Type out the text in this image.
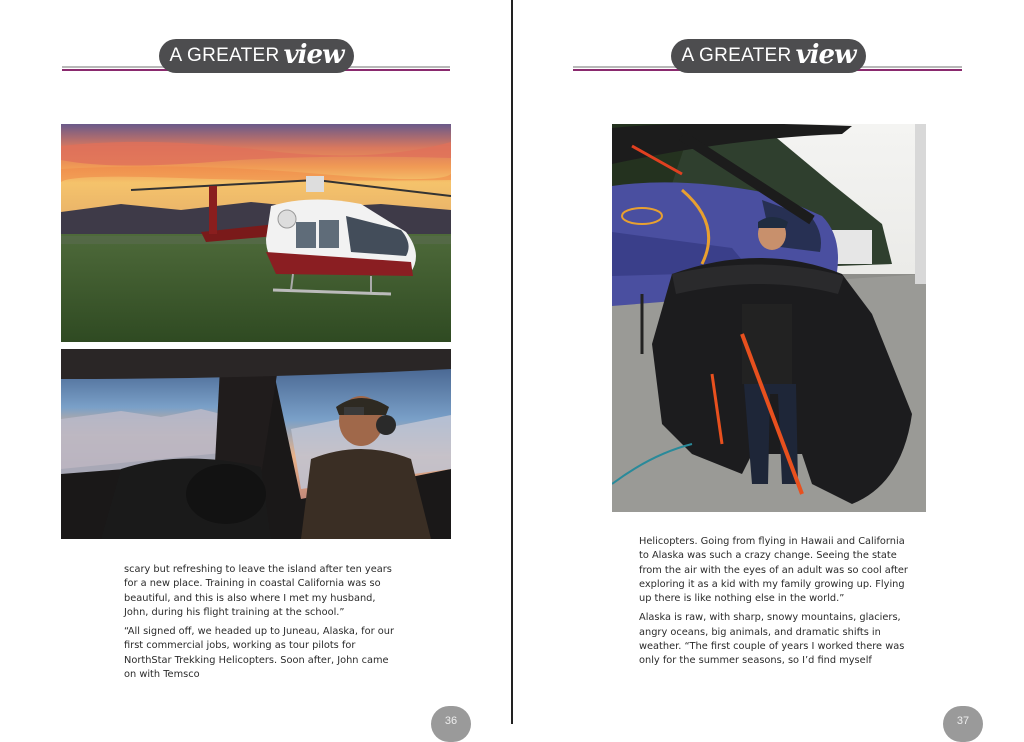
A GREATER view

scary but refreshing to leave the island after ten years for a new place. Training in coastal California was so beautiful, and this is also where I met my husband, John, during his flight training at the school.”

“All signed off, we headed up to Juneau, Alaska, for our first commercial jobs, working as tour pilots for NorthStar Trekking Helicopters. Soon after, John came on with Temsco

36
A GREATER view

Helicopters. Going from flying in Hawaii and California to Alaska was such a crazy change. Seeing the state from the air with the eyes of an adult was so cool after exploring it as a kid with my family growing up. Flying up there is like nothing else in the world.”

Alaska is raw, with sharp, snowy mountains, glaciers, angry oceans, big animals, and dramatic shifts in weather. “The first couple of years I worked there was only for the summer seasons, so I’d find myself

37
